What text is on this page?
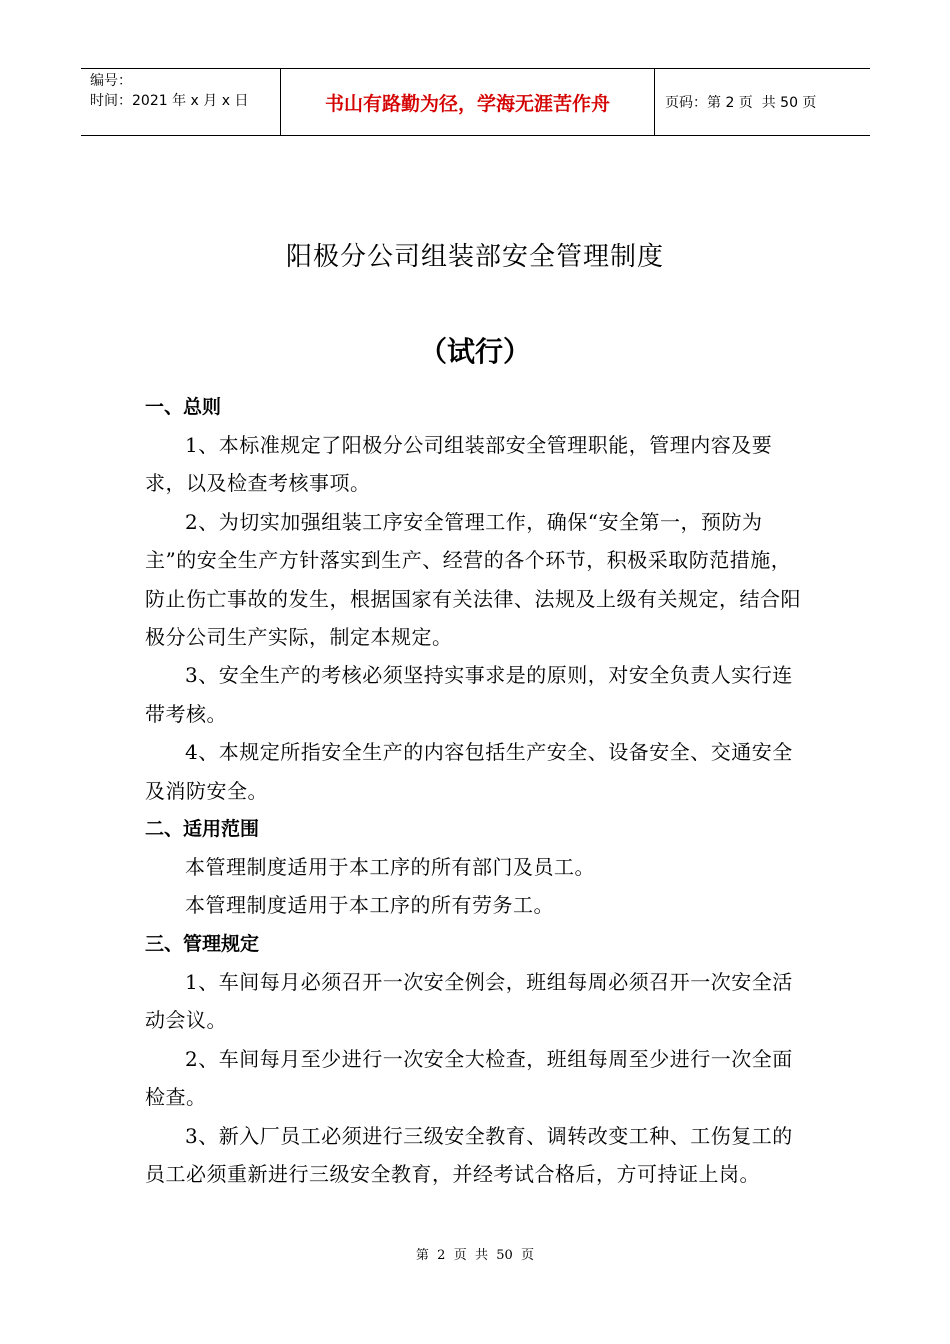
编号：
时间：2021 年 x 月 x 日	书山有路勤为径，学海无涯苦作舟	页码：第 2 页  共 50 页
阳极分公司组装部安全管理制度
（试行）

一、总则

1、本标准规定了阳极分公司组装部安全管理职能，管理内容及要求，以及检查考核事项。

2、为切实加强组装工序安全管理工作，确保“安全第一，预防为主”的安全生产方针落实到生产、经营的各个环节，积极采取防范措施，防止伤亡事故的发生，根据国家有关法律、法规及上级有关规定，结合阳极分公司生产实际，制定本规定。

3、安全生产的考核必须坚持实事求是的原则，对安全负责人实行连带考核。

4、本规定所指安全生产的内容包括生产安全、设备安全、交通安全及消防安全。

二、适用范围

本管理制度适用于本工序的所有部门及员工。

本管理制度适用于本工序的所有劳务工。

三、管理规定

1、车间每月必须召开一次安全例会，班组每周必须召开一次安全活动会议。

2、车间每月至少进行一次安全大检查，班组每周至少进行一次全面检查。

3、新入厂员工必须进行三级安全教育、调转改变工种、工伤复工的员工必须重新进行三级安全教育，并经考试合格后，方可持证上岗。

第  2  页  共  50  页
